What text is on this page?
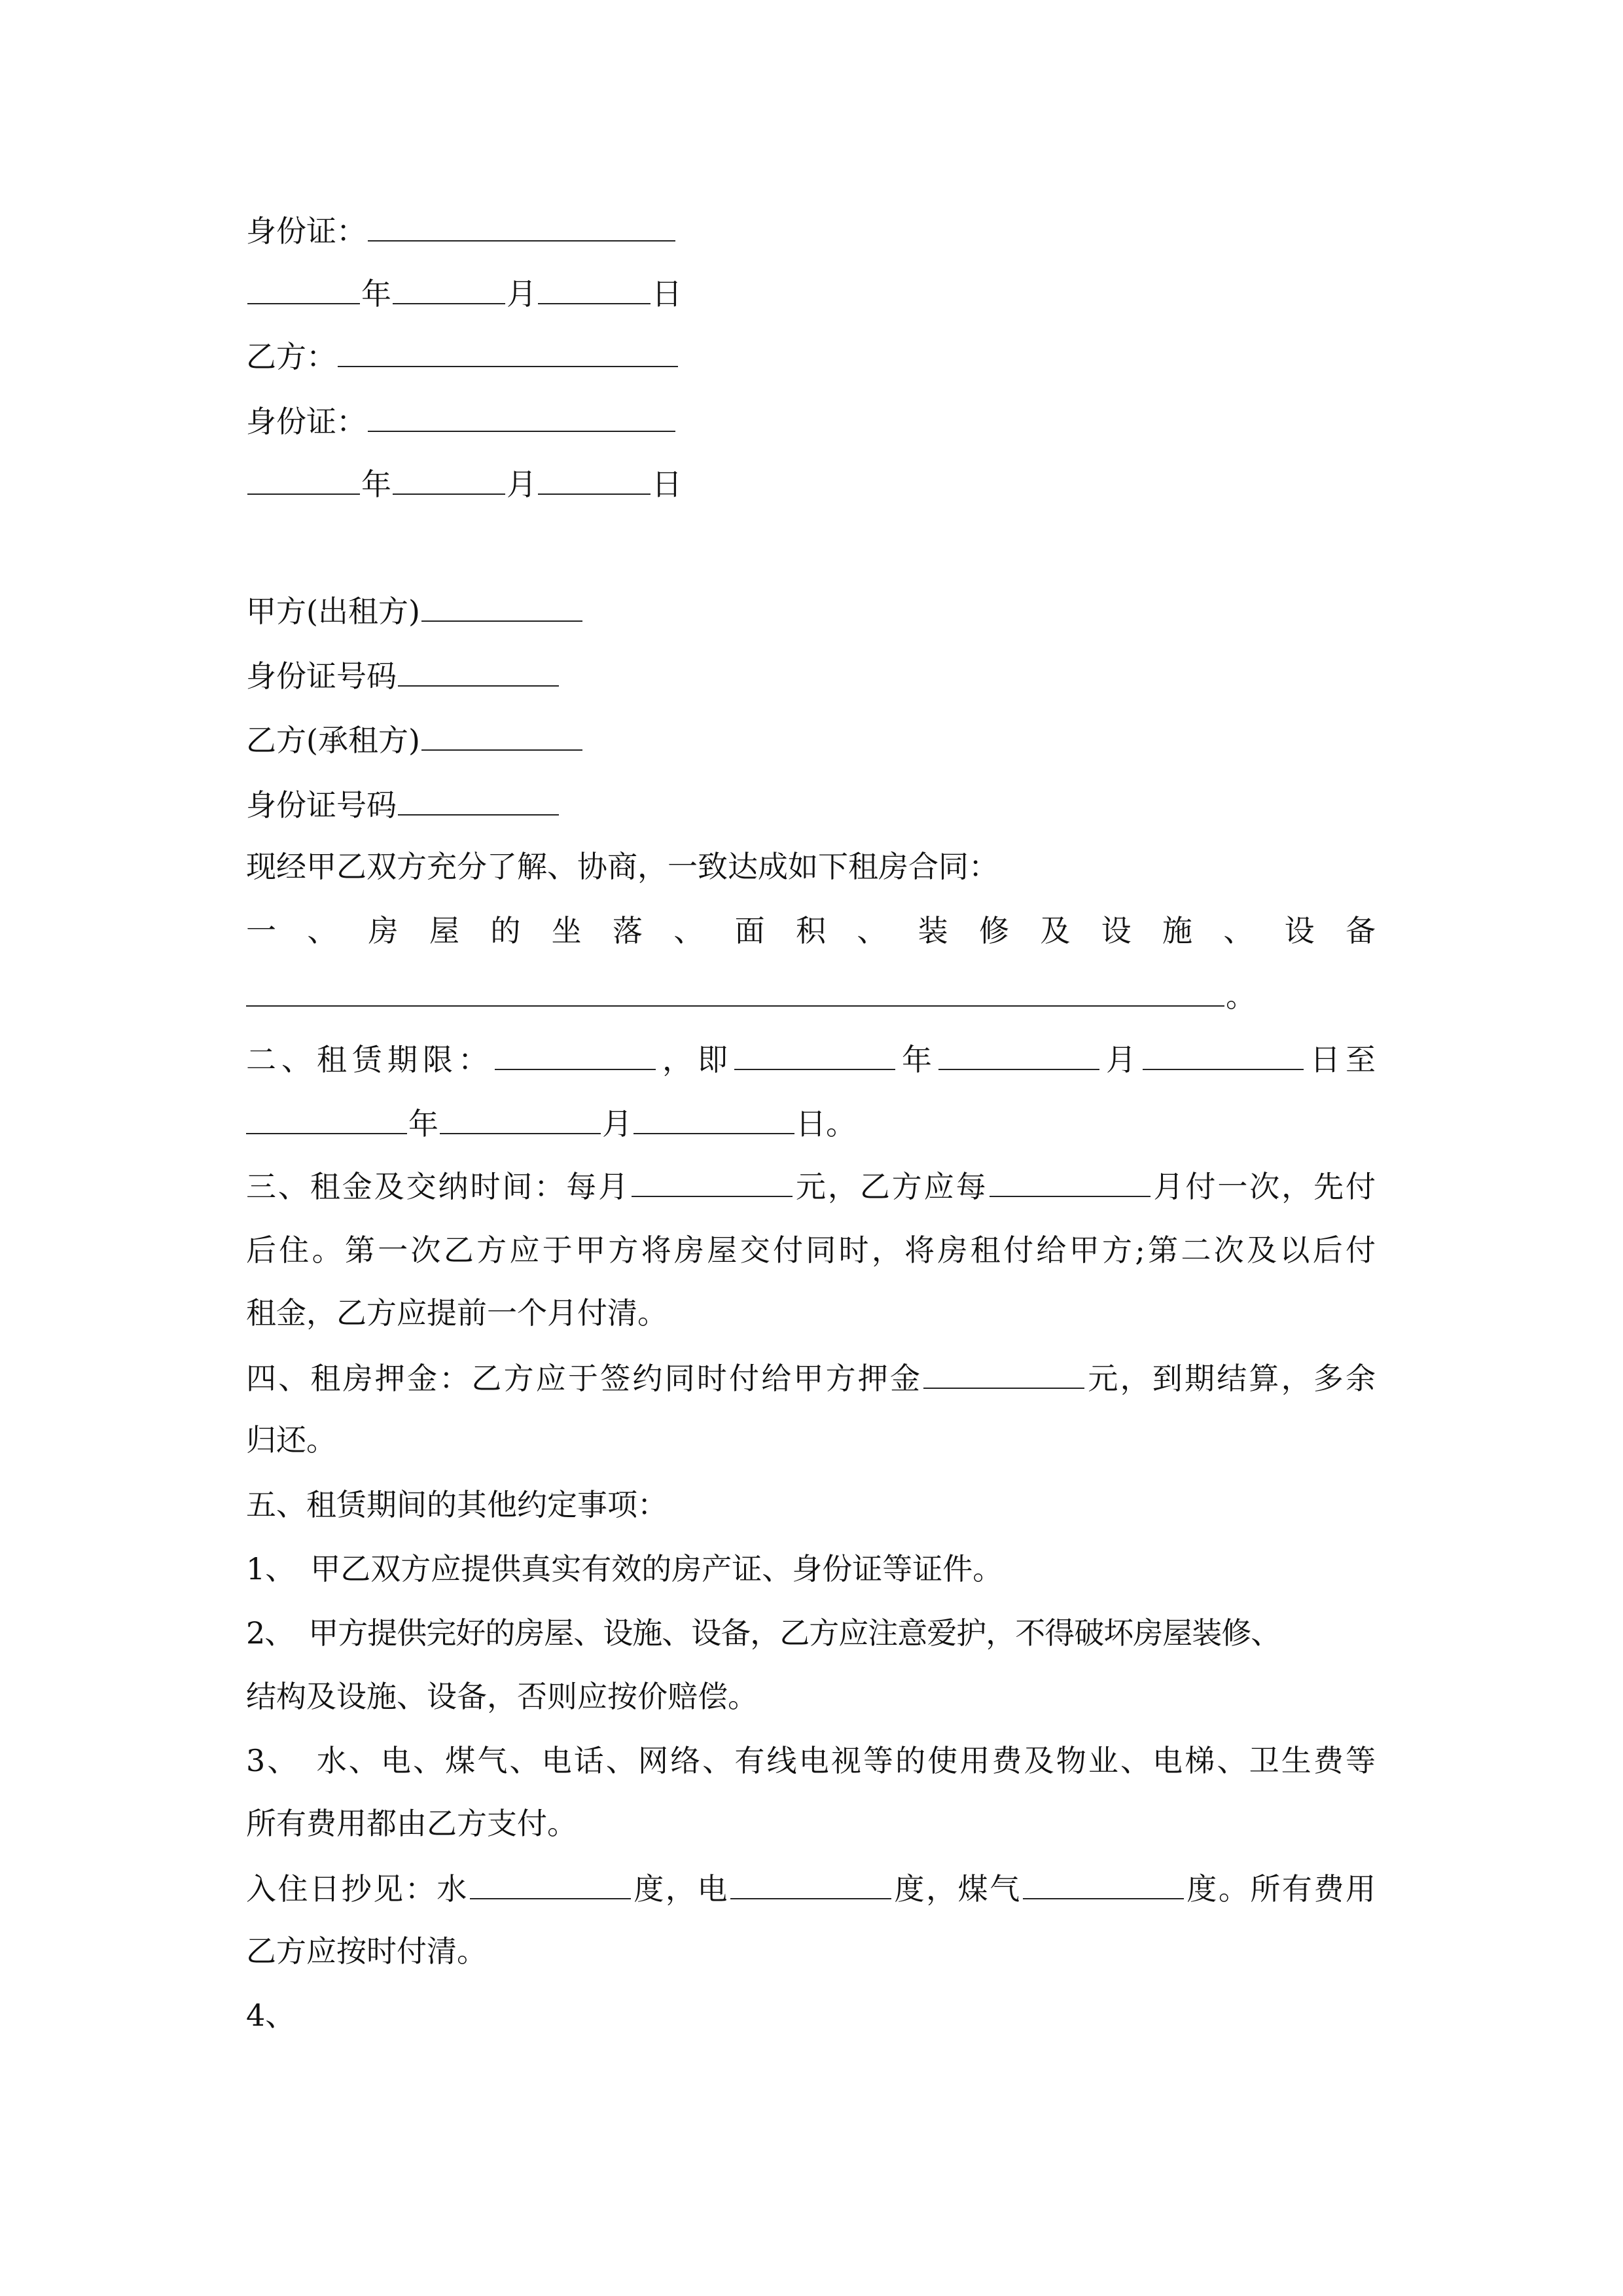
身份证：
年	月	日
乙方：
身份证：
年	月	日
甲方(出租方)
身份证号码
乙方(承租方)
身份证号码
现经甲乙双方充分了解、协商，一致达成如下租房合同：
一 、 房 屋 的 坐 落 、 面 积 、 装 修 及 设 施 、 设 备
。
二、租赁期限：	，即	年	月	日至
年	月	日。
三、租金及交纳时间：每月	元，乙方应每	月付一次，先付
后住。第一次乙方应于甲方将房屋交付同时，将房租付给甲方;第二次及以后付
租金，乙方应提前一个月付清。
四、租房押金：乙方应于签约同时付给甲方押金	元，到期结算，多余
归还。
五、租赁期间的其他约定事项：
1、　甲乙双方应提供真实有效的房产证、身份证等证件。
2、　甲方提供完好的房屋、设施、设备，乙方应注意爱护，不得破坏房屋装修、
结构及设施、设备，否则应按价赔偿。
3、　水、电、煤气、电话、网络、有线电视等的使用费及物业、电梯、卫生费等
所有费用都由乙方支付。
入住日抄见：水	度，电	度，煤气	度。所有费用
乙方应按时付清。
4、
